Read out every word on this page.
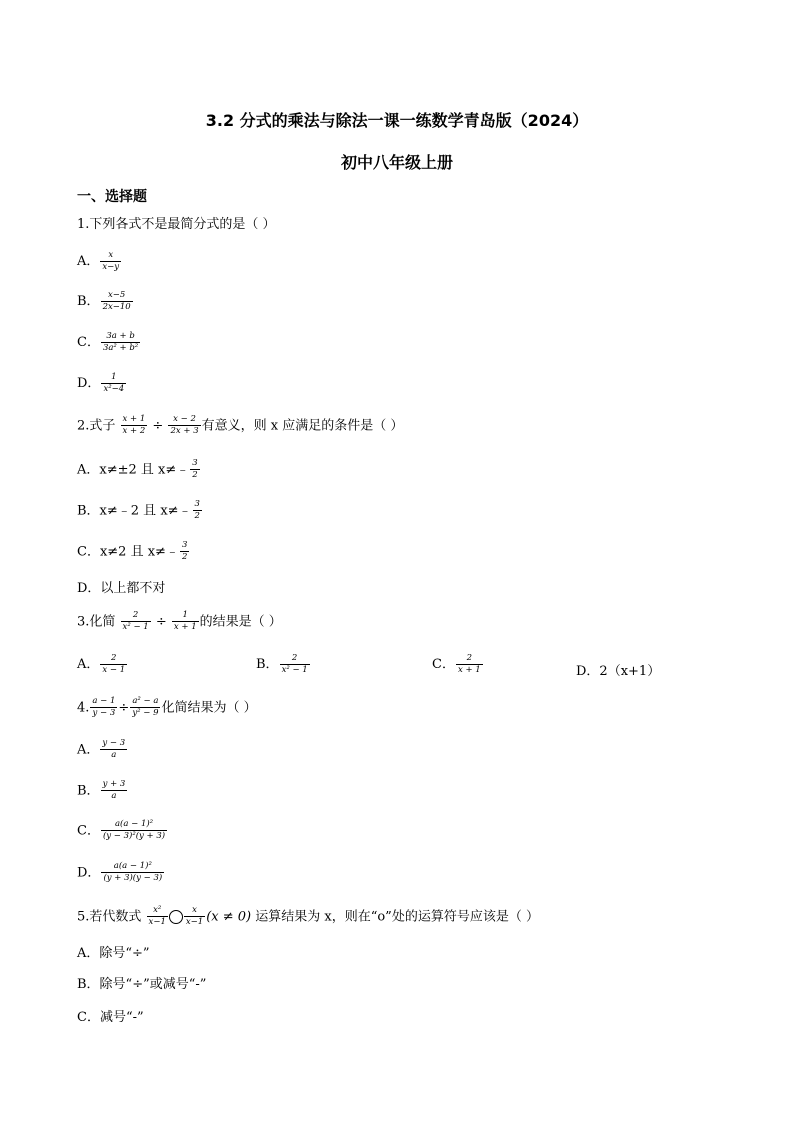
3.2 分式的乘法与除法一课一练数学青岛版（2024）
初中八年级上册
一、选择题
1.下列各式不是最简分式的是（ ）
A． $\frac{x}{x-y}$
B． $\frac{x-5}{2x-10}$
C． $\frac{3a + b}{\text{3a² + b²}}$
D． $\frac{1}{\text{x²−4}}$
2.式子 $\frac{x + 1}{x + 2} \div \frac{x - 2}{2x + 3}$ 有意义，则 x 应满足的条件是（ ）
A．x≠±2 且 x≠﹣ $\frac{3}{2}$
B．x≠﹣2 且 x≠﹣ $\frac{3}{2}$
C．x≠2 且 x≠﹣ $\frac{3}{2}$
D．以上都不对
3.化简 $\frac{2}{\text{x² − 1}} \div \frac{1}{x + 1}$ 的结果是（ ）
A． $\frac{2}{x - 1}$	B． $\frac{2}{\text{x² − 1}}$	C． $\frac{2}{x + 1}$	D．2（x+1）
4. $\frac{a - 1}{y - 3} \div \frac{\text{a² − a}}{\text{y² − 9}}$ 化简结果为（ ）
A． $\frac{y - 3}{a}$
B． $\frac{y + 3}{a}$
C． $\frac{\text{a(a − 1)²}}{\text{(y − 3)²(y + 3)}}$
D． $\frac{\text{a(a − 1)²}}{(y + 3)(y - 3)}$
5.若代数式 $\frac{\text{x²}}{x-1} \frac{x}{x-1} (x \ne 0)$ 运算结果为 x，则在“o”处的运算符号应该是（ ）
A．除号“÷”
B．除号“÷”或减号“-”
C．减号“-”
